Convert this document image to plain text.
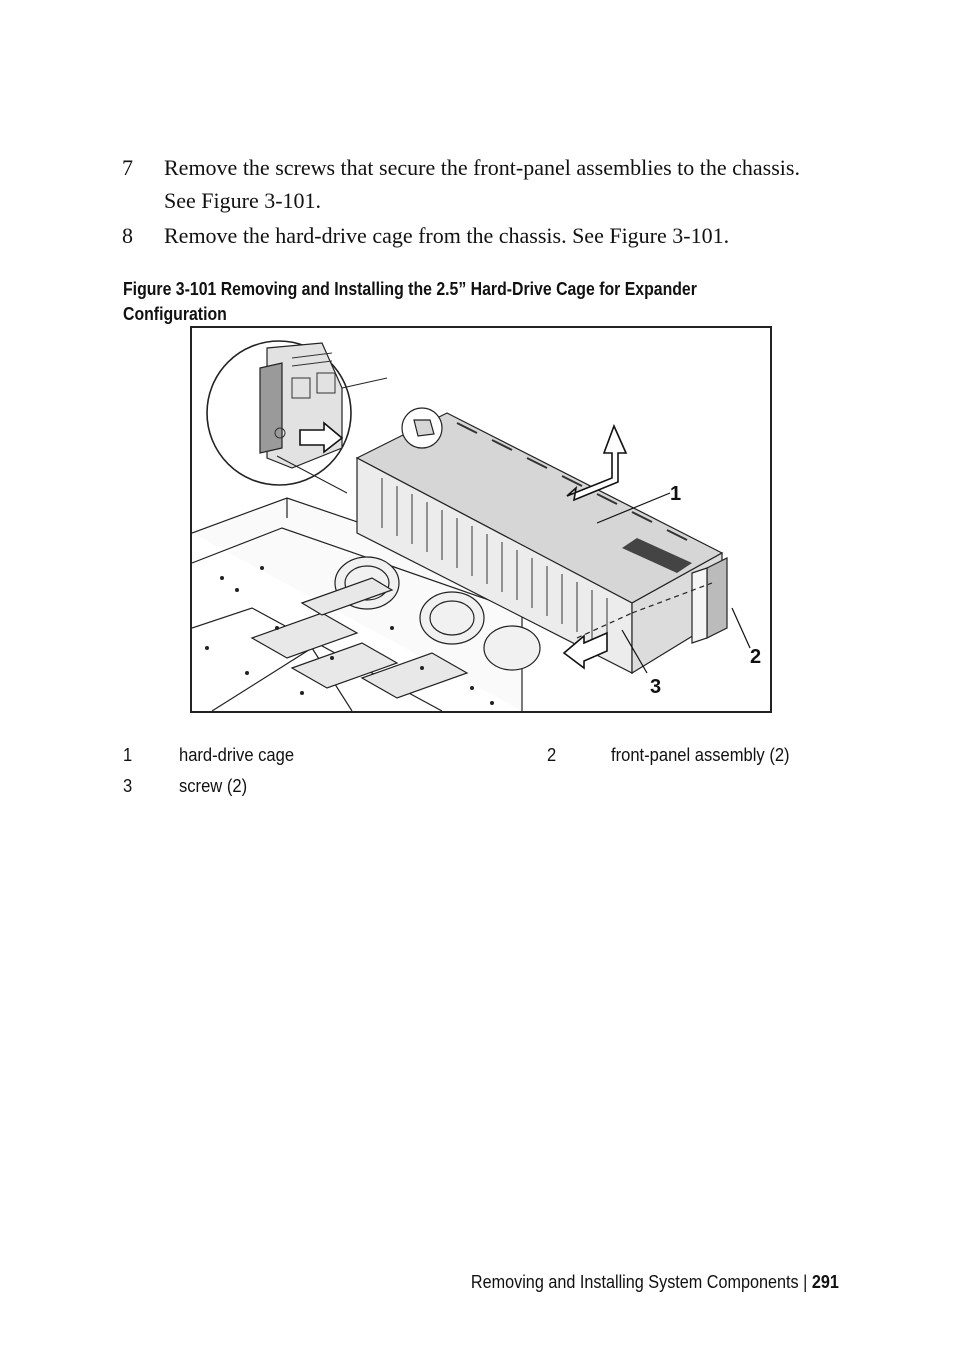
7	Remove the screws that secure the front-panel assemblies to the chassis.
See Figure 3-101.
8	Remove the hard-drive cage from the chassis. See Figure 3-101.
Figure 3-101 Removing and Installing the 2.5” Hard-Drive Cage for Expander
Configuration
1
2
3
1	hard-drive cage	2	front-panel assembly (2)
3	screw (2)
Removing and Installing System Components | 291
